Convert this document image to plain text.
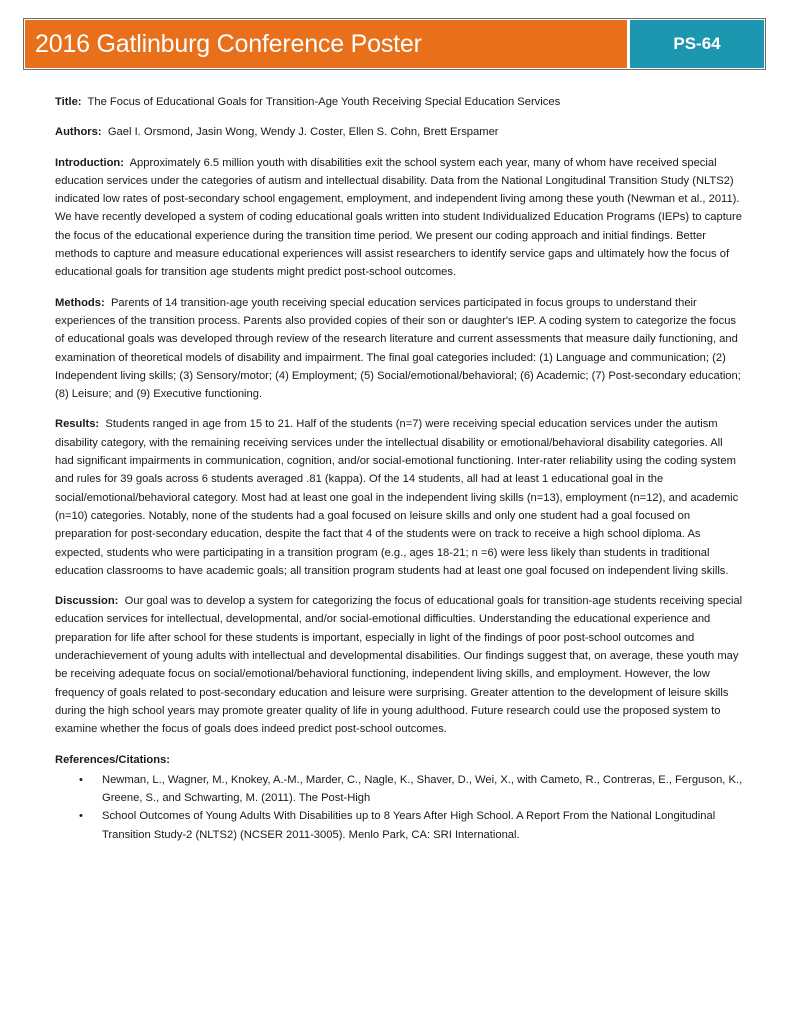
2016 Gatlinburg Conference Poster	PS-64

Title: The Focus of Educational Goals for Transition-Age Youth Receiving Special Education Services

Authors: Gael I. Orsmond, Jasin Wong, Wendy J. Coster, Ellen S. Cohn, Brett Erspamer

Introduction: Approximately 6.5 million youth with disabilities exit the school system each year, many of whom have received special education services under the categories of autism and intellectual disability. Data from the National Longitudinal Transition Study (NLTS2) indicated low rates of post-secondary school engagement, employment, and independent living among these youth (Newman et al., 2011). We have recently developed a system of coding educational goals written into student Individualized Education Programs (IEPs) to capture the focus of the educational experience during the transition time period. We present our coding approach and initial findings. Better methods to capture and measure educational experiences will assist researchers to identify service gaps and ultimately how the focus of educational goals for transition age students might predict post-school outcomes.

Methods: Parents of 14 transition-age youth receiving special education services participated in focus groups to understand their experiences of the transition process. Parents also provided copies of their son or daughter's IEP. A coding system to categorize the focus of educational goals was developed through review of the research literature and current assessments that measure daily functioning, and examination of theoretical models of disability and impairment. The final goal categories included: (1) Language and communication; (2) Independent living skills; (3) Sensory/motor; (4) Employment; (5) Social/emotional/behavioral; (6) Academic; (7) Post-secondary education; (8) Leisure; and (9) Executive functioning.

Results: Students ranged in age from 15 to 21. Half of the students (n=7) were receiving special education services under the autism disability category, with the remaining receiving services under the intellectual disability or emotional/behavioral disability categories. All had significant impairments in communication, cognition, and/or social-emotional functioning. Inter-rater reliability using the coding system and rules for 39 goals across 6 students averaged .81 (kappa). Of the 14 students, all had at least 1 educational goal in the social/emotional/behavioral category. Most had at least one goal in the independent living skills (n=13), employment (n=12), and academic (n=10) categories. Notably, none of the students had a goal focused on leisure skills and only one student had a goal focused on preparation for post-secondary education, despite the fact that 4 of the students were on track to receive a high school diploma. As expected, students who were participating in a transition program (e.g., ages 18-21; n =6) were less likely than students in traditional education classrooms to have academic goals; all transition program students had at least one goal focused on independent living skills.

Discussion: Our goal was to develop a system for categorizing the focus of educational goals for transition-age students receiving special education services for intellectual, developmental, and/or social-emotional difficulties. Understanding the educational experience and preparation for life after school for these students is important, especially in light of the findings of poor post-school outcomes and underachievement of young adults with intellectual and developmental disabilities. Our findings suggest that, on average, these youth may be receiving adequate focus on social/emotional/behavioral functioning, independent living skills, and employment. However, the low frequency of goals related to post-secondary education and leisure were surprising. Greater attention to the development of leisure skills during the high school years may promote greater quality of life in young adulthood. Future research could use the proposed system to examine whether the focus of goals does indeed predict post-school outcomes.

References/Citations:
• Newman, L., Wagner, M., Knokey, A.-M., Marder, C., Nagle, K., Shaver, D., Wei, X., with Cameto, R., Contreras, E., Ferguson, K., Greene, S., and Schwarting, M. (2011). The Post-High
• School Outcomes of Young Adults With Disabilities up to 8 Years After High School. A Report From the National Longitudinal Transition Study-2 (NLTS2) (NCSER 2011-3005). Menlo Park, CA: SRI International.
